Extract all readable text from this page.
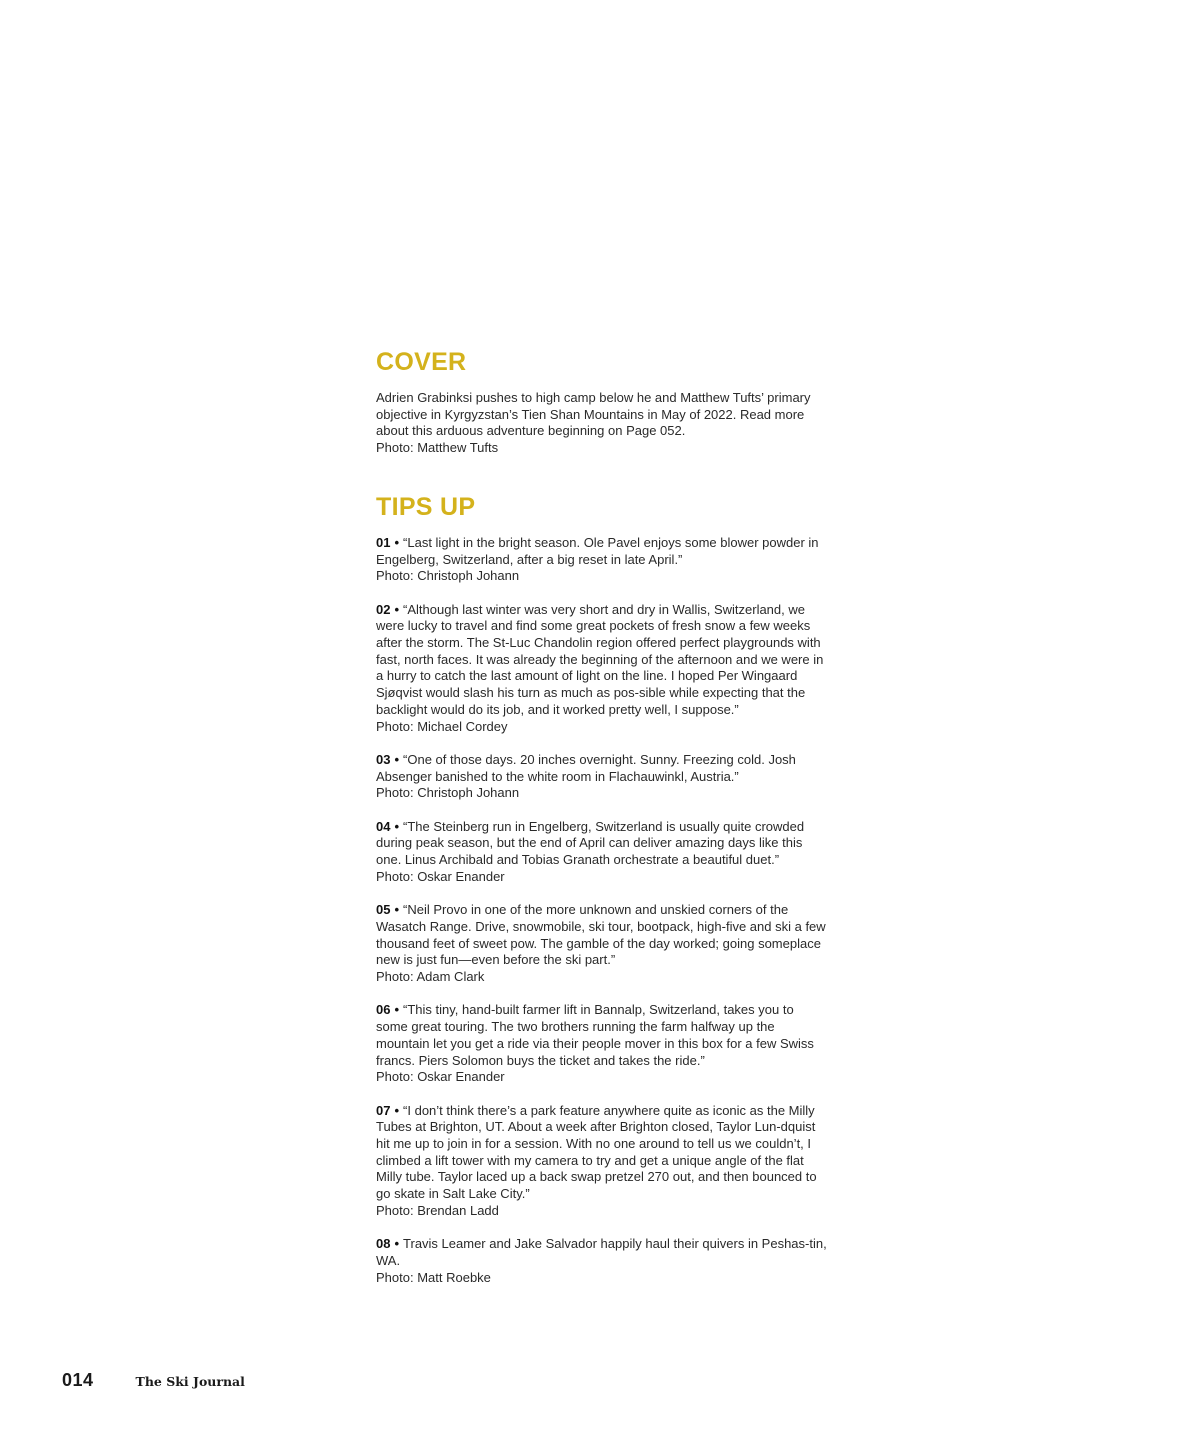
COVER

Adrien Grabinksi pushes to high camp below he and Matthew Tufts’ primary objective in Kyrgyzstan’s Tien Shan Mountains in May of 2022. Read more about this arduous adventure beginning on Page 052.
Photo: Matthew Tufts

TIPS UP

01 • “Last light in the bright season. Ole Pavel enjoys some blower powder in Engelberg, Switzerland, after a big reset in late April.”
Photo: Christoph Johann

02 • “Although last winter was very short and dry in Wallis, Switzerland, we were lucky to travel and find some great pockets of fresh snow a few weeks after the storm. The St-Luc Chandolin region offered perfect playgrounds with fast, north faces. It was already the beginning of the afternoon and we were in a hurry to catch the last amount of light on the line. I hoped Per Wingaard Sjøqvist would slash his turn as much as pos-sible while expecting that the backlight would do its job, and it worked pretty well, I suppose.”
Photo: Michael Cordey

03 • “One of those days. 20 inches overnight. Sunny. Freezing cold. Josh Absenger banished to the white room in Flachauwinkl, Austria.”
Photo: Christoph Johann

04 • “The Steinberg run in Engelberg, Switzerland is usually quite crowded during peak season, but the end of April can deliver amazing days like this one. Linus Archibald and Tobias Granath orchestrate a beautiful duet.”
Photo: Oskar Enander

05 • “Neil Provo in one of the more unknown and unskied corners of the Wasatch Range. Drive, snowmobile, ski tour, bootpack, high-five and ski a few thousand feet of sweet pow. The gamble of the day worked; going someplace new is just fun—even before the ski part.”
Photo: Adam Clark

06 • “This tiny, hand-built farmer lift in Bannalp, Switzerland, takes you to some great touring. The two brothers running the farm halfway up the mountain let you get a ride via their people mover in this box for a few Swiss francs. Piers Solomon buys the ticket and takes the ride.”
Photo: Oskar Enander

07 • “I don’t think there’s a park feature anywhere quite as iconic as the Milly Tubes at Brighton, UT. About a week after Brighton closed, Taylor Lun-dquist hit me up to join in for a session. With no one around to tell us we couldn’t, I climbed a lift tower with my camera to try and get a unique angle of the flat Milly tube. Taylor laced up a back swap pretzel 270 out, and then bounced to go skate in Salt Lake City.”
Photo: Brendan Ladd

08 • Travis Leamer and Jake Salvador happily haul their quivers in Peshas-tin, WA.
Photo: Matt Roebke

014	The Ski Journal
